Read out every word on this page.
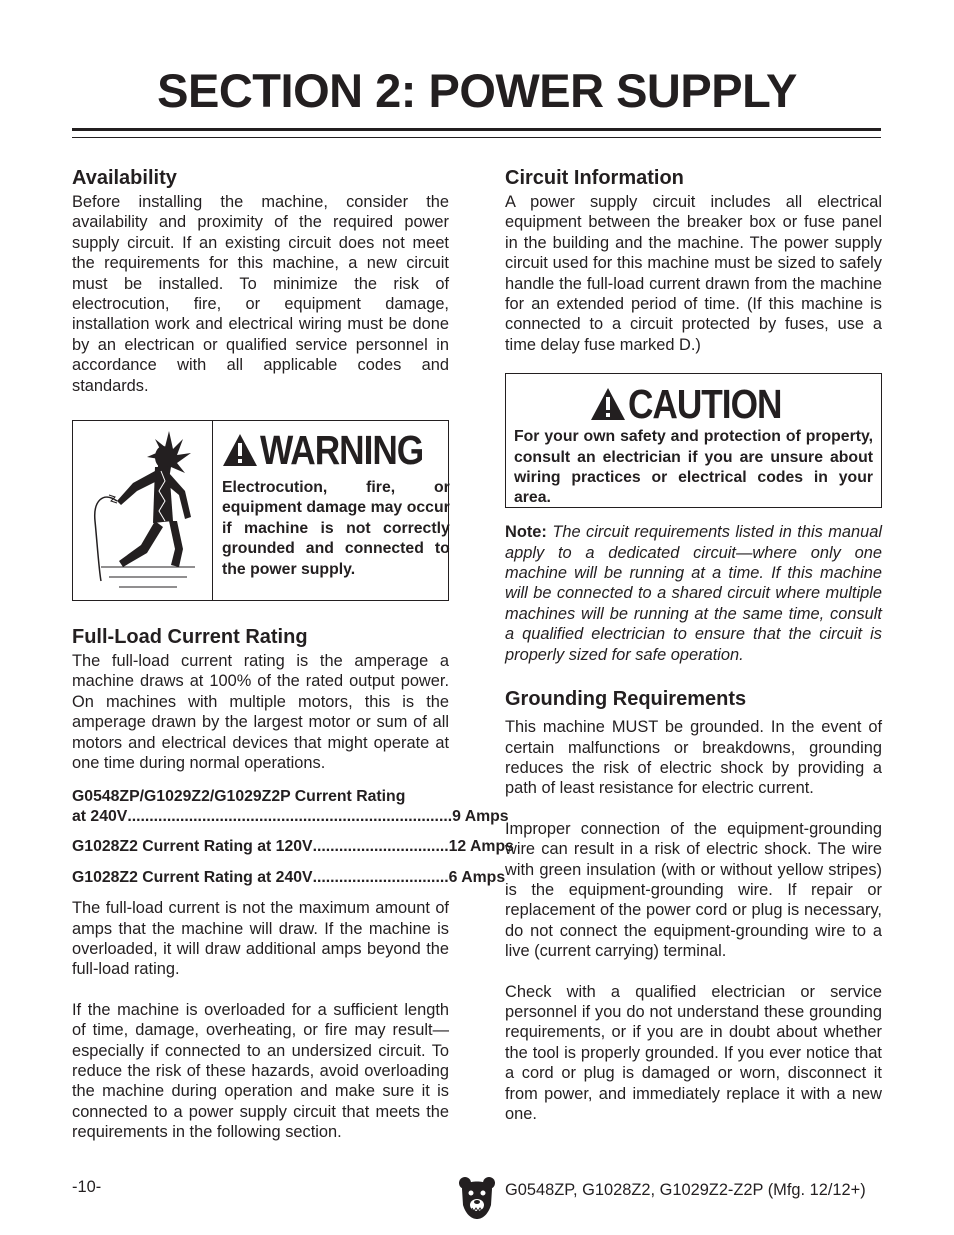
SECTION 2: POWER SUPPLY
Availability

Before installing the machine, consider the availability and proximity of the required power supply circuit. If an existing circuit does not meet the requirements for this machine, a new circuit must be installed. To minimize the risk of electrocution, fire, or equipment damage, installation work and electrical wiring must be done by an electrican or qualified service personnel in accordance with all applicable codes and standards.

WARNING

Electrocution, fire, or equipment damage may occur if machine is not correctly grounded and connected to the power supply.

Full-Load Current Rating

The full-load current rating is the amperage a machine draws at 100% of the rated output power. On machines with multiple motors, this is the amperage drawn by the largest motor or sum of all motors and electrical devices that might operate at one time during normal operations.

G0548ZP/G1029Z2/G1029Z2P Current Rating
at 240V .......................................................................... 9 Amps
G1028Z2 Current Rating at 120V ............................... 12 Amps
G1028Z2 Current Rating at 240V ............................... 6 Amps

The full-load current is not the maximum amount of amps that the machine will draw. If the machine is overloaded, it will draw additional amps beyond the full-load rating.

If the machine is overloaded for a sufficient length of time, damage, overheating, or fire may result—especially if connected to an undersized circuit. To reduce the risk of these hazards, avoid overloading the machine during operation and make sure it is connected to a power supply circuit that meets the requirements in the following section.

Circuit Information

A power supply circuit includes all electrical equipment between the breaker box or fuse panel in the building and the machine. The power supply circuit used for this machine must be sized to safely handle the full-load current drawn from the machine for an extended period of time. (If this machine is connected to a circuit protected by fuses, use a time delay fuse marked D.)

CAUTION

For your own safety and protection of property, consult an electrician if you are unsure about wiring practices or electrical codes in your area.

Note: The circuit requirements listed in this manual apply to a dedicated circuit—where only one machine will be running at a time. If this machine will be connected to a shared circuit where multiple machines will be running at the same time, consult a qualified electrician to ensure that the circuit is properly sized for safe operation.

Grounding Requirements

This machine MUST be grounded. In the event of certain malfunctions or breakdowns, grounding reduces the risk of electric shock by providing a path of least resistance for electric current.

Improper connection of the equipment-grounding wire can result in a risk of electric shock. The wire with green insulation (with or without yellow stripes) is the equipment-grounding wire. If repair or replacement of the power cord or plug is necessary, do not connect the equipment-grounding wire to a live (current carrying) terminal.

Check with a qualified electrician or service personnel if you do not understand these grounding requirements, or if you are in doubt about whether the tool is properly grounded. If you ever notice that a cord or plug is damaged or worn, disconnect it from power, and immediately replace it with a new one.

-10-	G0548ZP, G1028Z2, G1029Z2-Z2P (Mfg. 12/12+)
